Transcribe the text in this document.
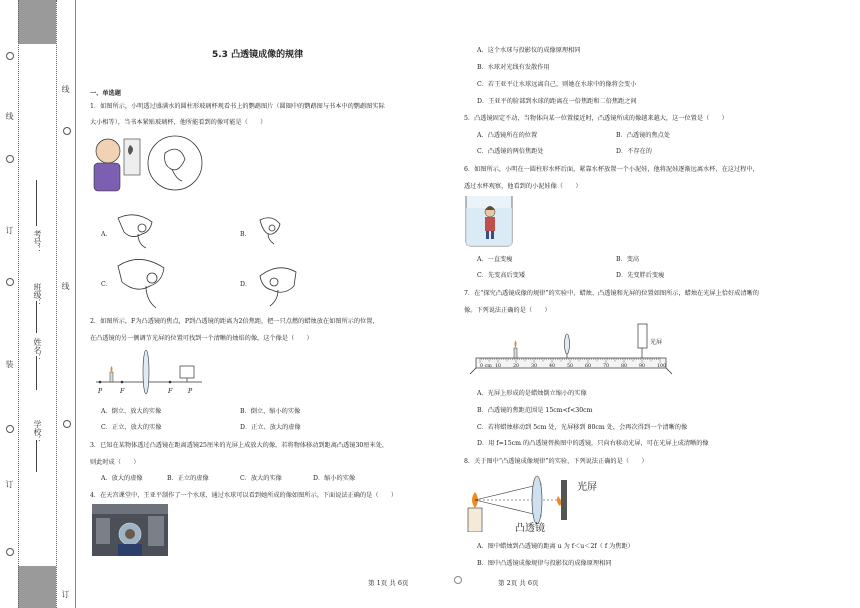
线
订
装
订
线
线
订
学校：
姓名：
班级：
考号：
5.3 凸透镜成像的规律
一、单选题
1．如图所示，小明透过盛满水的圆柱形玻璃杯观看书上的鹦鹉图片（圆圈中的鹦鹉图与书本中的鹦鹉图实际
大小相等），当书本紧贴玻璃杯，他所能看到的像可能是（　　）
A．	B．
C．	D．
2．如图所示，F为凸透镜的焦点，P到凸透镜的距离为2倍焦距，把一只点燃的蜡烛放在如图所示的位置，
在凸透镜的另一侧调节光屏的位置可找到一个清晰的烛焰的像，这个像是（　　）
P	F	F	P
A．倒立、放大的实像	B．倒立、缩小的实像
C．正立、放大的实像	D．正立、放大的虚像
3．已知在某物体透过凸透镜在距离透镜25厘米的光屏上成放大的像，若将物体移动到距离凸透镜30厘米处，
则此时成（　　）
A．放大的虚像	B．正立的虚像	C．放大的实像	D．缩小的实像
4．在天宫课堂中，王亚平制作了一个水球，通过水球可以看到她所成的像如图所示。下面说法正确的是（　　）
A．这个水球与投影仪的成像原理相同
B．水球对光线有发散作用
C．若王亚平让水球远离自己，则她在水球中的像将会变小
D．王亚平的脸部到水球的距离在一倍焦距和二倍焦距之间
5．凸透镜固定不动，当物体向某一位置接近时，凸透镜所成的像越来越大，这一位置是（　　）
A．凸透镜所在的位置	B．凸透镜的焦点处
C．凸透镜的两倍焦距处	D．不存在的
6．如图所示，小明在一圆柱形水杯后面，紧靠水杯放置一个小泥娃，他将泥娃逐渐远离水杯，在这过程中，
透过水杯观察，他看到的小泥娃像（　　）
A．一直变瘦	B．变高
C．先变高后变矮	D．先变胖后变瘦
7．在“探究凸透镜成像的规律”的实验中，蜡烛、凸透镜和光屏的位置如图所示，蜡烛在光屏上恰好成清晰的
像。下列说法正确的是（　　）
光屏
0 cm 10 20 30 40 50 60 70 80 90 100
A．光屏上形成的是蜡烛倒立缩小的实像
B．凸透镜的焦距范围是 15cm<f<30cm
C．若将蜡烛移动到 5cm 处，光屏移到 80cm 处，会再次得到一个清晰的像
D．用 f=15cm 的凸透镜替换图中的透镜，只向右移动光屏，可在光屏上成清晰的像
8．关于图中“凸透镜成像规律”的实验，下列说法正确的是（　　）
光屏
凸透镜
A．图中蜡烛到凸透镜的距离 u 为 f＜u＜2f（ f 为焦距）
B．图中凸透镜成像规律与投影仪的成像原理相同
第 1页 共 6页	第 2页 共 6页
